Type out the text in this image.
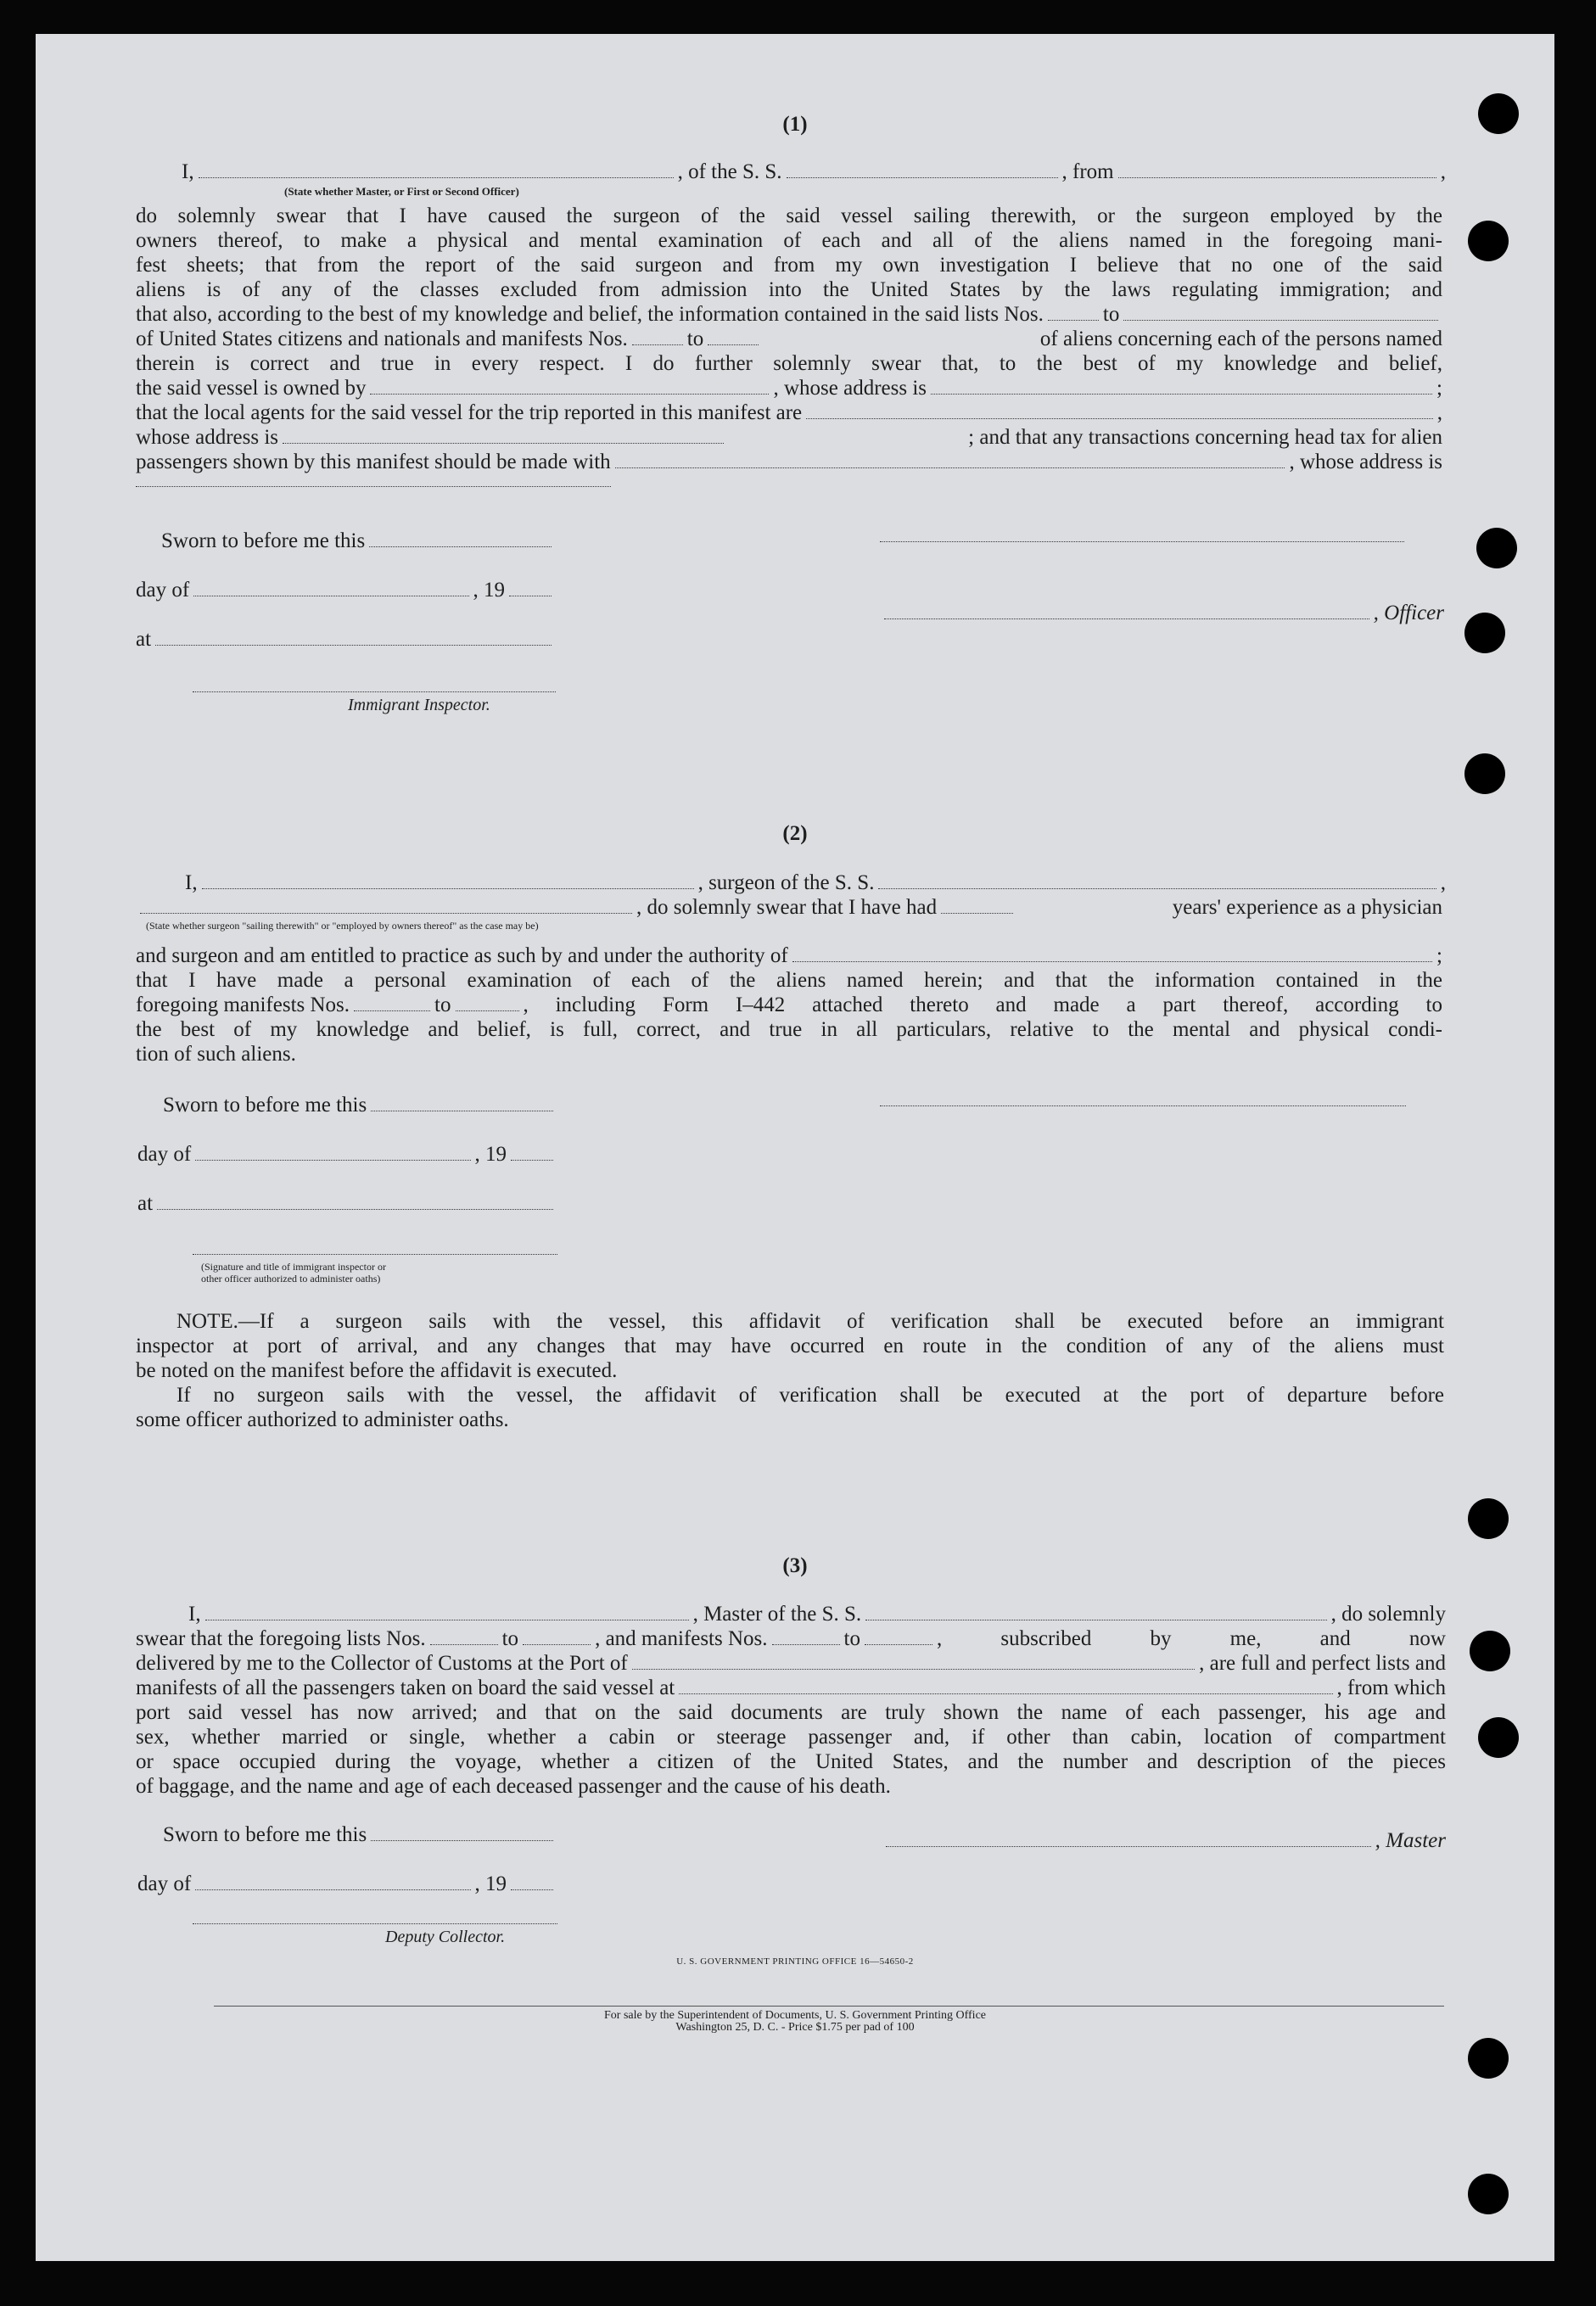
(1)
I,	, of the S. S.	, from	,
(State whether Master, or First or Second Officer)
do solemnly swear that I have caused the surgeon of the said vessel sailing therewith, or the surgeon employed by the
owners thereof, to make a physical and mental examination of each and all of the aliens named in the foregoing mani-
fest sheets; that from the report of the said surgeon and from my own investigation I believe that no one of the said
aliens is of any of the classes excluded from admission into the United States by the laws regulating immigration; and
that also, according to the best of my knowledge and belief, the information contained in the said lists Nos.	to
of United States citizens and nationals and manifests Nos.	to	of aliens concerning each of the persons named
therein is correct and true in every respect. I do further solemnly swear that, to the best of my knowledge and belief,
the said vessel is owned by	, whose address is	;
that the local agents for the said vessel for the trip reported in this manifest are	,
whose address is	; and that any transactions concerning head tax for alien
passengers shown by this manifest should be made with	, whose address is
Sworn to before me this
day of	, 19
at
Immigrant Inspector.
, Officer
(2)
I,	, surgeon of the S. S.	,
, do solemnly swear that I have had	years' experience as a physician
(State whether surgeon "sailing therewith" or "employed by owners thereof" as the case may be)
and surgeon and am entitled to practice as such by and under the authority of	;
that I have made a personal examination of each of the aliens named herein; and that the information contained in the
foregoing manifests Nos.	to	, including Form I–442 attached thereto and made a part thereof, according to
the best of my knowledge and belief, is full, correct, and true in all particulars, relative to the mental and physical condi-
tion of such aliens.
Sworn to before me this
day of	, 19
at
(Signature and title of immigrant inspector or
other officer authorized to administer oaths)
NOTE.—If a surgeon sails with the vessel, this affidavit of verification shall be executed before an immigrant
inspector at port of arrival, and any changes that may have occurred en route in the condition of any of the aliens must
be noted on the manifest before the affidavit is executed.
If no surgeon sails with the vessel, the affidavit of verification shall be executed at the port of departure before
some officer authorized to administer oaths.
(3)
I,	, Master of the S. S.	, do solemnly
swear that the foregoing lists Nos.	to	, and manifests Nos.	to	, subscribed by me, and now
delivered by me to the Collector of Customs at the Port of	, are full and perfect lists and
manifests of all the passengers taken on board the said vessel at	, from which
port said vessel has now arrived; and that on the said documents are truly shown the name of each passenger, his age and
sex, whether married or single, whether a cabin or steerage passenger and, if other than cabin, location of compartment
or space occupied during the voyage, whether a citizen of the United States, and the number and description of the pieces
of baggage, and the name and age of each deceased passenger and the cause of his death.
Sworn to before me this
day of	, 19
Deputy Collector.
, Master
U. S. GOVERNMENT PRINTING OFFICE 16—54650-2
For sale by the Superintendent of Documents, U. S. Government Printing Office
Washington 25, D. C. - Price $1.75 per pad of 100
